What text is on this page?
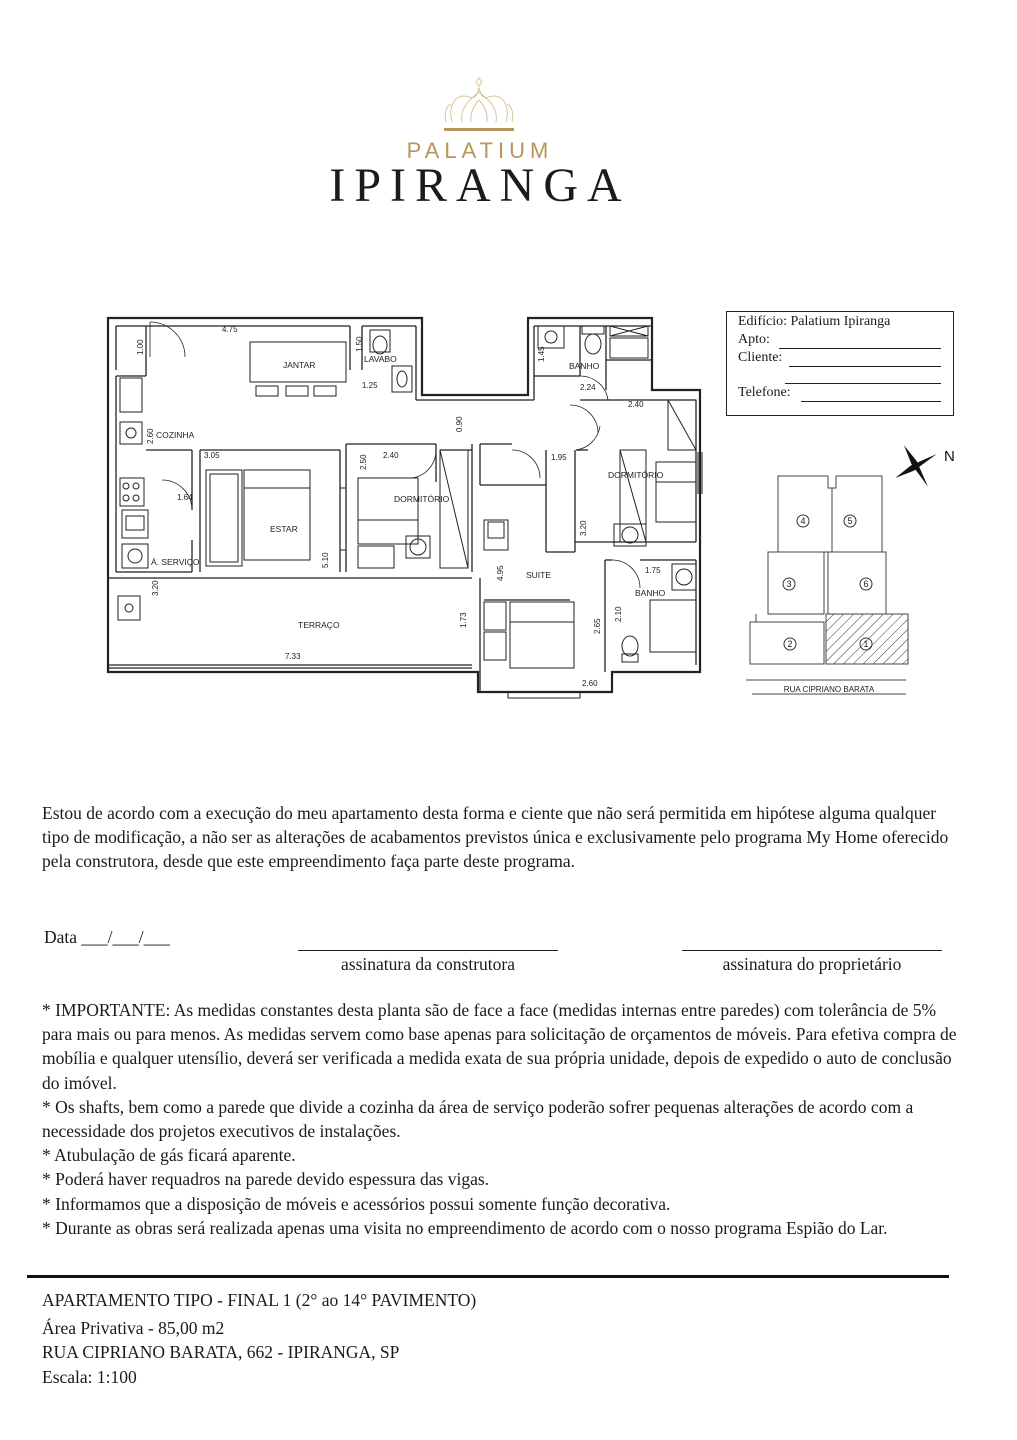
PALATIUM
IPIRANGA
JANTAR
LAVABO
BANHO
COZINHA
ESTAR
DORMITÓRIO
DORMITÓRIO
Á. SERVIÇO
SUITE
BANHO
TERRAÇO
4.75
1.25	2.24
2.40
3.05	2.40	1.95
1.64
1.75
7.33
2.60
1.00	1.50
1.45
0.90
2.60
2.50
3.20
5.10
3.20
4.95
1.73	2.10
2.65
Edifício: Palatium Ipiranga
Apto:
Cliente:
Telefone:
N
1
2
3
4	5
6
RUA CIPRIANO BARATA
Estou de acordo com a execução do meu apartamento desta forma e ciente que não será permitida em hipótese alguma qualquer tipo de modificação, a não ser as alterações de acabamentos previstos única e exclusivamente pelo programa My Home oferecido pela construtora, desde que este empreendimento faça parte deste programa.
Data ___/___/___
assinatura da construtora	assinatura do proprietário
* IMPORTANTE: As medidas constantes desta planta são de face a face (medidas internas entre paredes) com tolerância de 5% para mais ou para menos. As medidas servem como base apenas para solicitação de orçamentos de móveis. Para efetiva compra de mobília e qualquer utensílio, deverá ser verificada a medida exata de sua própria unidade, depois de expedido o auto de conclusão do imóvel.
* Os shafts, bem como a parede que divide a cozinha da área de serviço poderão sofrer pequenas alterações de acordo com a necessidade dos projetos executivos de instalações.
* Atubulação de gás ficará aparente.
* Poderá haver requadros na parede devido espessura das vigas.
* Informamos que a disposição de móveis e acessórios possui somente função decorativa.
* Durante as obras será realizada apenas uma visita no empreendimento de acordo com o nosso programa Espião do Lar.
APARTAMENTO TIPO - FINAL 1 (2° ao 14° PAVIMENTO)
Área Privativa - 85,00 m2
RUA CIPRIANO BARATA, 662 - IPIRANGA, SP
Escala: 1:100
